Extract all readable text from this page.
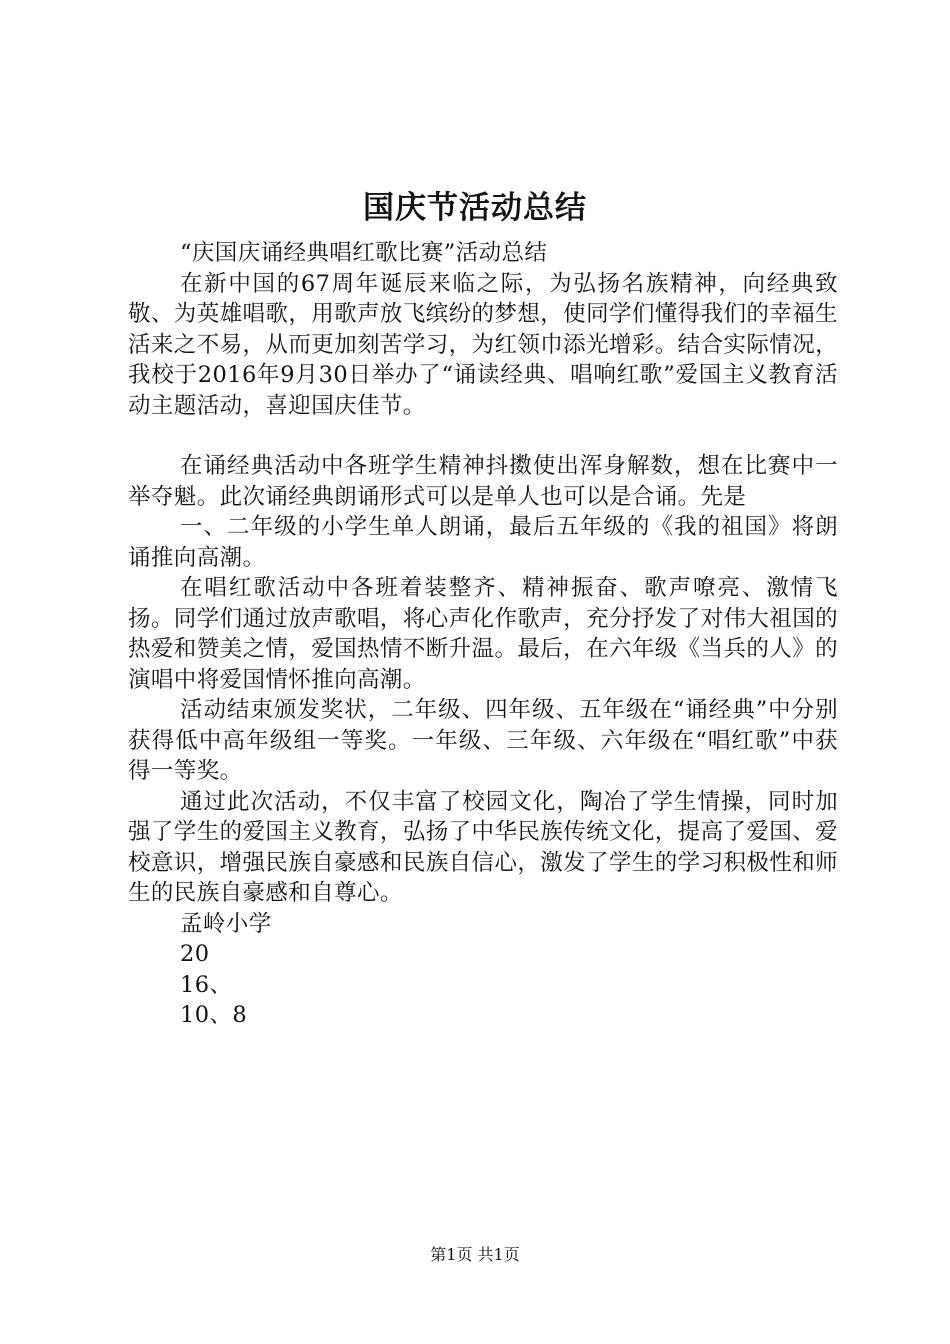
国庆节活动总结

“庆国庆诵经典唱红歌比赛”活动总结

在新中国的67周年诞辰来临之际，为弘扬名族精神，向经典致敬、为英雄唱歌，用歌声放飞缤纷的梦想，使同学们懂得我们的幸福生活来之不易，从而更加刻苦学习，为红领巾添光增彩。结合实际情况，我校于2016年9月30日举办了“诵读经典、唱响红歌”爱国主义教育活动主题活动，喜迎国庆佳节。

在诵经典活动中各班学生精神抖擞使出浑身解数，想在比赛中一举夺魁。此次诵经典朗诵形式可以是单人也可以是合诵。先是

一、二年级的小学生单人朗诵，最后五年级的《我的祖国》将朗诵推向高潮。

在唱红歌活动中各班着装整齐、精神振奋、歌声嘹亮、激情飞扬。同学们通过放声歌唱，将心声化作歌声，充分抒发了对伟大祖国的热爱和赞美之情，爱国热情不断升温。最后，在六年级《当兵的人》的演唱中将爱国情怀推向高潮。

活动结束颁发奖状，二年级、四年级、五年级在“诵经典”中分别获得低中高年级组一等奖。一年级、三年级、六年级在“唱红歌”中获得一等奖。

通过此次活动，不仅丰富了校园文化，陶冶了学生情操，同时加强了学生的爱国主义教育，弘扬了中华民族传统文化，提高了爱国、爱校意识，增强民族自豪感和民族自信心，激发了学生的学习积极性和师生的民族自豪感和自尊心。

孟岭小学

20

16、

10、8

第1页 共1页
